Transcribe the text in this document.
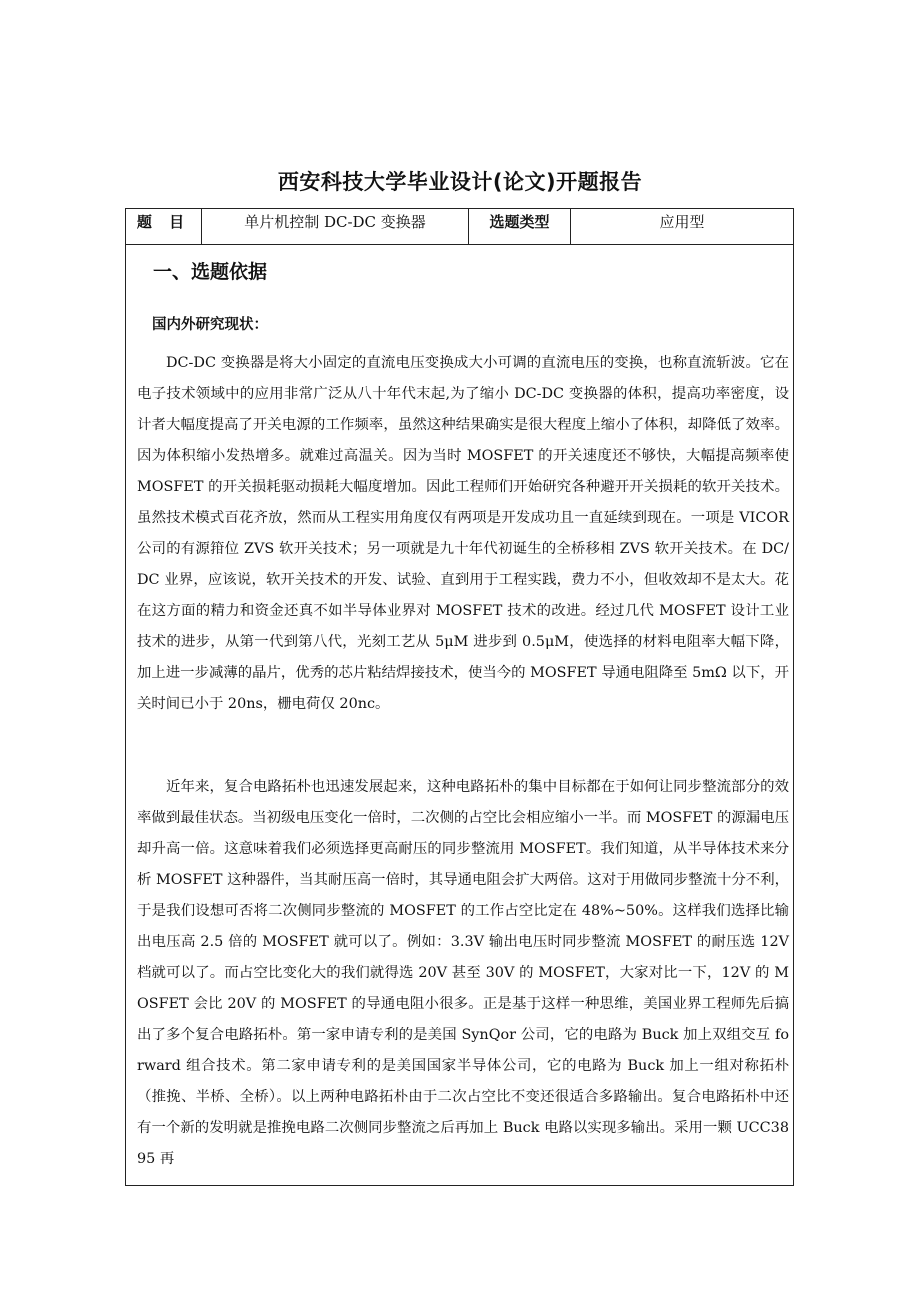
西安科技大学毕业设计(论文)开题报告
题 目	单片机控制 DC-DC 变换器	选题类型	应用型
一、选题依据
国内外研究现状：

DC-DC 变换器是将大小固定的直流电压变换成大小可调的直流电压的变换，也称直流斩波。它在电子技术领域中的应用非常广泛从八十年代末起,为了缩小 DC-DC 变换器的体积，提高功率密度，设计者大幅度提高了开关电源的工作频率，虽然这种结果确实是很大程度上缩小了体积，却降低了效率。因为体积缩小发热增多。就难过高温关。因为当时 MOSFET 的开关速度还不够快，大幅提高频率使 MOSFET 的开关损耗驱动损耗大幅度增加。因此工程师们开始研究各种避开开关损耗的软开关技术。虽然技术模式百花齐放，然而从工程实用角度仅有两项是开发成功且一直延续到现在。一项是 VICOR 公司的有源箝位 ZVS 软开关技术；另一项就是九十年代初诞生的全桥移相 ZVS 软开关技术。在 DC/DC 业界，应该说，软开关技术的开发、试验、直到用于工程实践，费力不小，但收效却不是太大。花在这方面的精力和资金还真不如半导体业界对 MOSFET 技术的改进。经过几代 MOSFET 设计工业技术的进步，从第一代到第八代，光刻工艺从 5μM 进步到 0.5μM，使选择的材料电阻率大幅下降，加上进一步减薄的晶片，优秀的芯片粘结焊接技术，使当今的 MOSFET 导通电阻降至 5mΩ 以下，开关时间已小于 20ns，栅电荷仅 20nc。

近年来，复合电路拓朴也迅速发展起来，这种电路拓朴的集中目标都在于如何让同步整流部分的效率做到最佳状态。当初级电压变化一倍时，二次侧的占空比会相应缩小一半。而 MOSFET 的源漏电压却升高一倍。这意味着我们必须选择更高耐压的同步整流用 MOSFET。我们知道，从半导体技术来分析 MOSFET 这种器件，当其耐压高一倍时，其导通电阻会扩大两倍。这对于用做同步整流十分不利，于是我们设想可否将二次侧同步整流的 MOSFET 的工作占空比定在 48%~50%。这样我们选择比输出电压高 2.5 倍的 MOSFET 就可以了。例如：3.3V 输出电压时同步整流 MOSFET 的耐压选 12V 档就可以了。而占空比变化大的我们就得选 20V 甚至 30V 的 MOSFET，大家对比一下，12V 的 MOSFET 会比 20V 的 MOSFET 的导通电阻小很多。正是基于这样一种思维，美国业界工程师先后搞出了多个复合电路拓朴。第一家申请专利的是美国 SynQor 公司，它的电路为 Buck 加上双组交互 forward 组合技术。第二家申请专利的是美国国家半导体公司，它的电路为 Buck 加上一组对称拓朴（推挽、半桥、全桥）。以上两种电路拓朴由于二次占空比不变还很适合多路输出。复合电路拓朴中还有一个新的发明就是推挽电路二次侧同步整流之后再加上 Buck 电路以实现多输出。采用一颗 UCC3895 再
